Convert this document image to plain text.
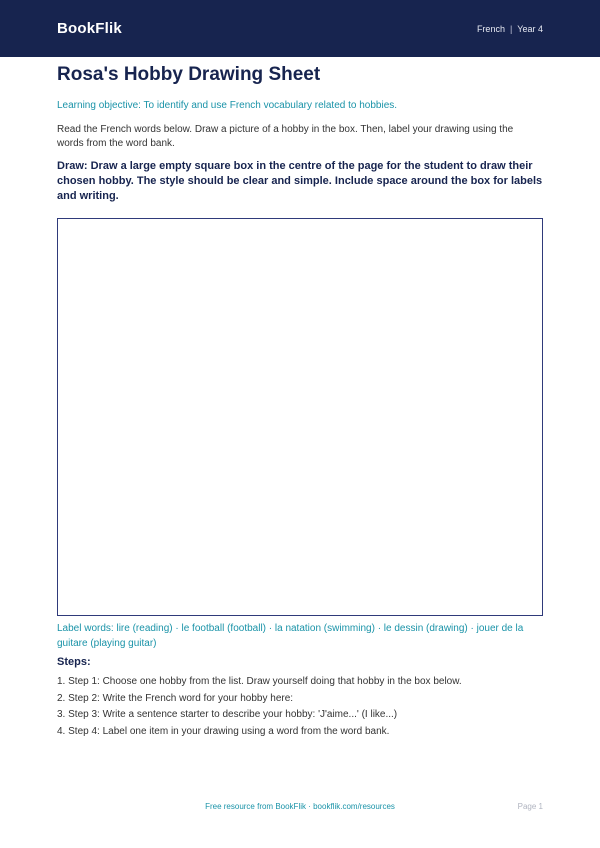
BookFlik	French | Year 4
Rosa's Hobby Drawing Sheet
Learning objective: To identify and use French vocabulary related to hobbies.
Read the French words below. Draw a picture of a hobby in the box. Then, label your drawing using the words from the word bank.
Draw: Draw a large empty square box in the centre of the page for the student to draw their chosen hobby. The style should be clear and simple. Include space around the box for labels and writing.
Label words: lire (reading) · le football (football) · la natation (swimming) · le dessin (drawing) · jouer de la guitare (playing guitar)
Steps:
1. Step 1: Choose one hobby from the list. Draw yourself doing that hobby in the box below.
2. Step 2: Write the French word for your hobby here:
3. Step 3: Write a sentence starter to describe your hobby: 'J'aime...' (I like...)
4. Step 4: Label one item in your drawing using a word from the word bank.
Free resource from BookFlik · bookflik.com/resources	Page 1
